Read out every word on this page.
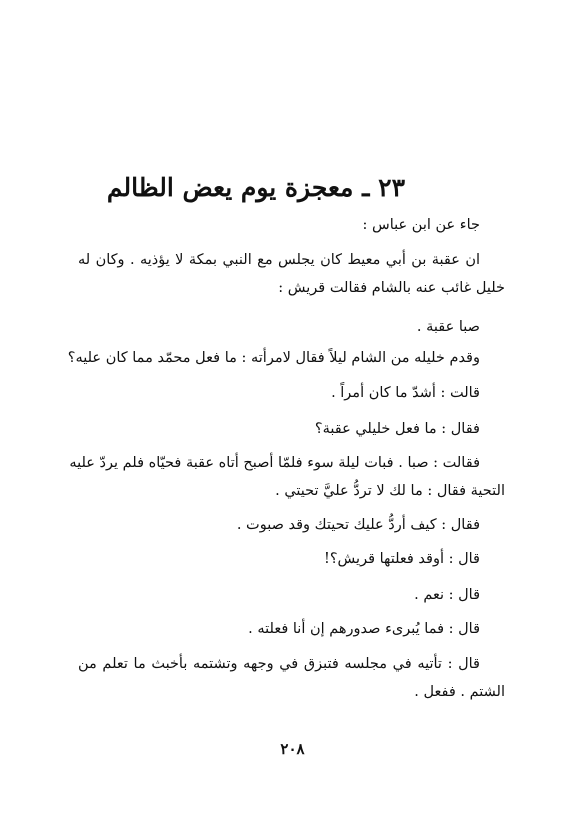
٢٣ ـ معجزة يوم يعض الظالم
جاء عن ابن عباس :
ان عقبة بن أبي معيط كان يجلس مع النبي بمكة لا يؤذيه . وكان له
خليل غائب عنه بالشام فقالت قريش :
صبا عقبة .
وقدم خليله من الشام ليلاً فقال لامرأته : ما فعل محمّد مما كان عليه؟
قالت : أشدّ ما كان أمراً .
فقال : ما فعل خليلي عقبة؟
فقالت : صبا . فبات ليلة سوء فلمّا أصبح أتاه عقبة فحيّاه فلم يردّ عليه
التحية فقال : ما لك لا تردُّ عليَّ تحيتي .
فقال : كيف أردُّ عليك تحيتك وقد صبوت .
قال : أوقد فعلتها قريش؟!
قال : نعم .
قال : فما يُبرىء صدورهم إن أنا فعلته .
قال : تأتيه في مجلسه فتبزق في وجهه وتشتمه بأخبث ما تعلم من
الشتم . ففعل .
٢٠٨
